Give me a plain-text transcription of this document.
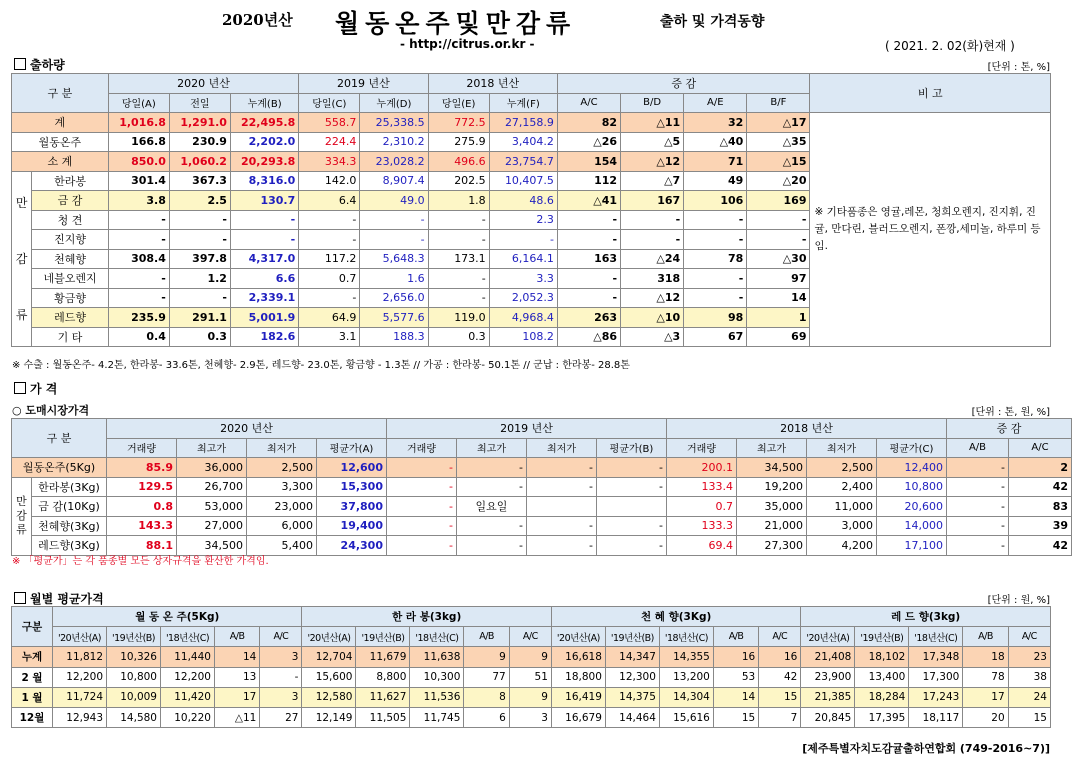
2020년산 월동온주및만감류	출하 및 가격동향
- http://citrus.or.kr -	( 2021. 2. 02(화)현재 )
출하량	[단위 : 톤, %]
구 분		2020 년산			2019 년산		2018 년산		증 감				비 고
		당일(A)	전일	누계(B)	당일(C)	누계(D)	당일(E)	누계(F)	A/C	B/D	A/E	B/F	
계		1,016.8	1,291.0	22,495.8	558.7	25,338.5	772.5	27,158.9	82	△11	32	△17	※ 기타품종은 영귤,레몬, 청희오렌지, 진지휘, 진귤, 만다린, 블러드오렌지, 폰깡,세미놀, 하루미 등 임.
월동온주		166.8	230.9	2,202.0	224.4	2,310.2	275.9	3,404.2	△26	△5	△40	△35	
소 계		850.0	1,060.2	20,293.8	334.3	23,028.2	496.6	23,754.7	154	△12	71	△15	

만
감
류	한라봉	301.4	367.3	8,316.0	142.0	8,907.4	202.5	10,407.5	112	△7	49	△20	
	금 감	3.8	2.5	130.7	6.4	49.0	1.8	48.6	△41	167	106	169	
	청 견	-	-	-	-	-	-	2.3	-	-	-	-	
	진지향	-	-	-	-	-	-	-	-	-	-	-	
	천혜향	308.4	397.8	4,317.0	117.2	5,648.3	173.1	6,164.1	163	△24	78	△30	
	네블오렌지	-	1.2	6.6	0.7	1.6	-	3.3	-	318	-	97	
	황금향	-	-	2,339.1	-	2,656.0	-	2,052.3	-	△12	-	14	
	레드향	235.9	291.1	5,001.9	64.9	5,577.6	119.0	4,968.4	263	△10	98	1	
	기 타	0.4	0.3	182.6	3.1	188.3	0.3	108.2	△86	△3	67	69	
※ 수출 : 월동온주- 4.2톤, 한라봉- 33.6톤, 천혜향- 2.9톤, 레드향- 23.0톤, 황금향 - 1.3톤 // 가공 : 한라봉- 50.1톤 // 군납 : 한라봉- 28.8톤
가 격
○ 도매시장가격	[단위 : 톤, 원, %]
구 분		2020 년산				2019 년산				2018 년산				증 감	
		거래량	최고가	최저가	평균가(A)	거래량	최고가	최저가	평균가(B)	거래량	최고가	최저가	평균가(C)	A/B	A/C
월동온주(5Kg)		85.9	36,000	2,500	12,600	-	-	-	-	200.1	34,500	2,500	12,400	-	2

만
감
류	한라봉(3Kg)	129.5	26,700	3,300	15,300	-	-	-	-	133.4	19,200	2,400	10,800	-	42
	금 감(10Kg)	0.8	53,000	23,000	37,800	-	일요일			0.7	35,000	11,000	20,600	-	83
	천혜향(3Kg)	143.3	27,000	6,000	19,400	-	-	-	-	133.3	21,000	3,000	14,000	-	39
	레드향(3Kg)	88.1	34,500	5,400	24,300	-	-	-	-	69.4	27,300	4,200	17,100	-	42
※ 「평균가」는 각 품종별 모든 상자규격을 환산한 가격임.
월별 평균가격	[단위 : 원, %]
구분	월 동 온 주(5Kg)					한 라 봉(3kg)					천 혜 향(3Kg)					레 드 향(3kg)				
	'20년산(A)	'19년산(B)	'18년산(C)	A/B	A/C	'20년산(A)	'19년산(B)	'18년산(C)	A/B	A/C	'20년산(A)	'19년산(B)	'18년산(C)	A/B	A/C	'20년산(A)	'19년산(B)	'18년산(C)	A/B	A/C
누계	11,812	10,326	11,440	14	3	12,704	11,679	11,638	9	9	16,618	14,347	14,355	16	16	21,408	18,102	17,348	18	23
2 월	12,200	10,800	12,200	13	-	15,600	8,800	10,300	77	51	18,800	12,300	13,200	53	42	23,900	13,400	17,300	78	38
1 월	11,724	10,009	11,420	17	3	12,580	11,627	11,536	8	9	16,419	14,375	14,304	14	15	21,385	18,284	17,243	17	24
12월	12,943	14,580	10,220	△11	27	12,149	11,505	11,745	6	3	16,679	14,464	15,616	15	7	20,845	17,395	18,117	20	15
[제주특별자치도감귤출하연합회 (749-2016~7)]
